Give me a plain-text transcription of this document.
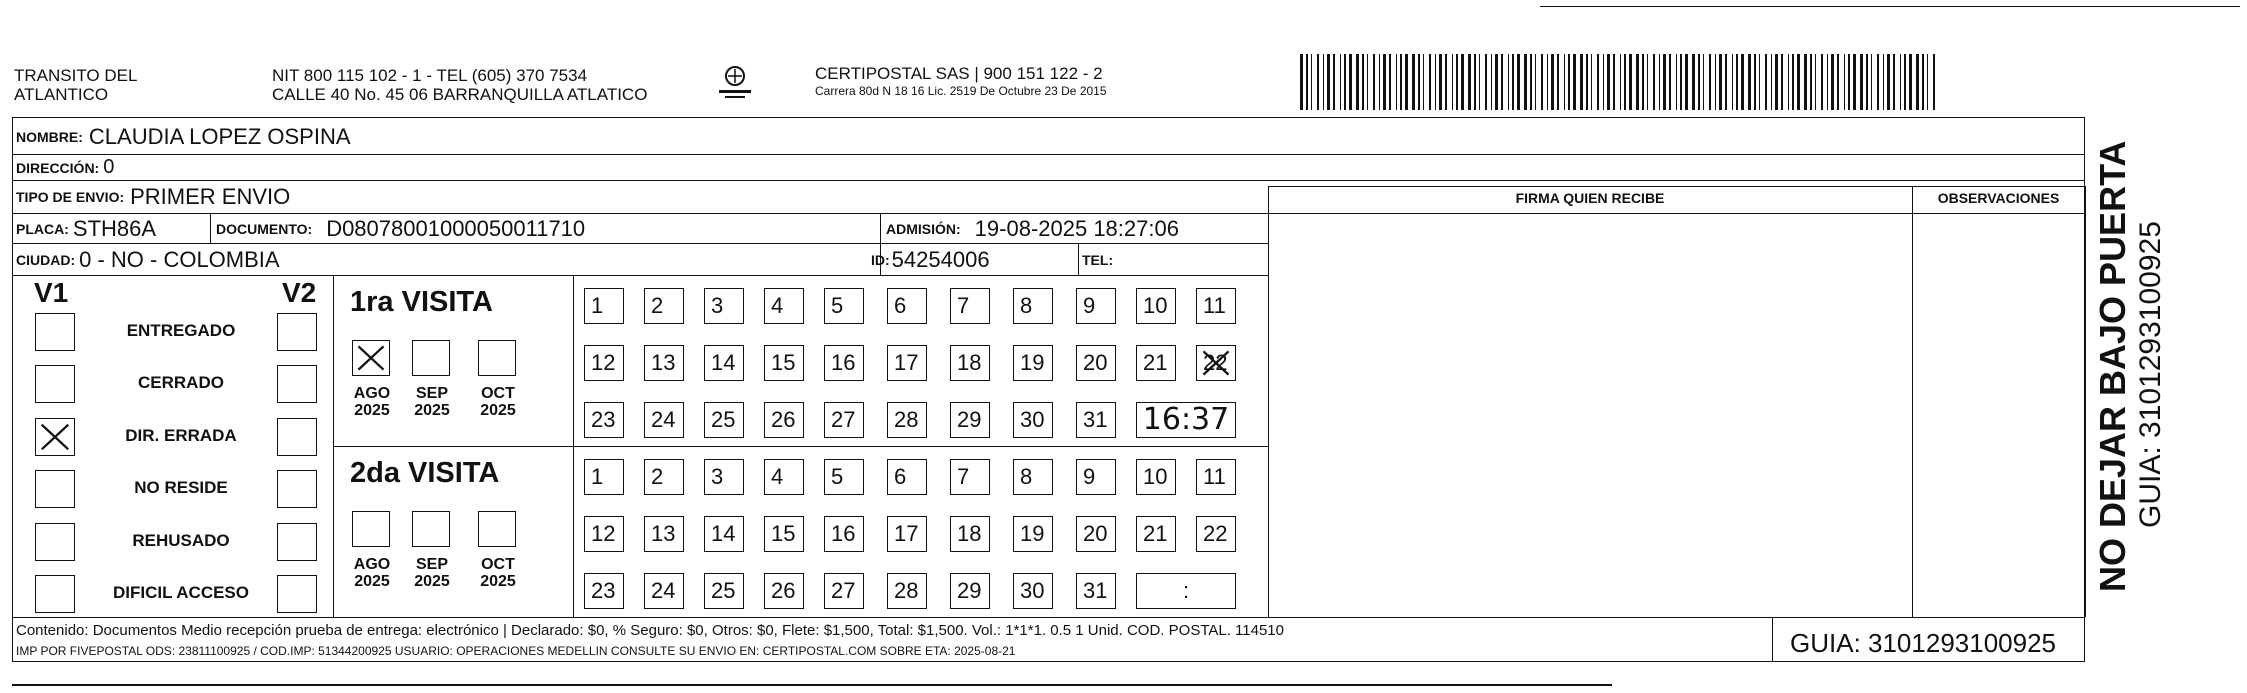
TRANSITO DEL
ATLANTICO
NIT 800 115 102 - 1 - TEL (605) 370 7534
CALLE 40 No. 45 06 BARRANQUILLA ATLATICO
CERTIPOSTAL SAS | 900 151 122 - 2
Carrera 80d N 18 16 Lic. 2519 De Octubre 23 De 2015
NOMBRE: CLAUDIA LOPEZ OSPINA
DIRECCIÓN: 0
TIPO DE ENVIO: PRIMER ENVIO	FIRMA QUIEN RECIBE	OBSERVACIONES
PLACA: STH86A	DOCUMENTO: D08078001000050011710	ADMISIÓN: 19-08-2025 18:27:06
CIUDAD: 0 - NO - COLOMBIA	ID: 54254006	TEL:
V1	V2
ENTREGADO
CERRADO
DIR. ERRADA
NO RESIDE
REHUSADO
DIFICIL ACCESO
1ra VISITA
AGO
2025
SEP
2025
OCT
2025
1	2	3	4	5	6	7	8	9	10	11
12	13	14	15	16	17	18	19	20	21	22
23	24	25	26	27	28	29	30	31 16:37
2da VISITA
AGO
2025
SEP
2025
OCT
2025
1	2	3	4	5	6	7	8	9	10	11
12	13	14	15	16	17	18	19	20	21	22
23	24	25	26	27	28	29	30	31	:
Contenido: Documentos Medio recepción prueba de entrega: electrónico | Declarado: $0, % Seguro: $0, Otros: $0, Flete: $1,500, Total: $1,500. Vol.: 1*1*1. 0.5 1 Unid. COD. POSTAL. 114510
IMP POR FIVEPOSTAL ODS: 23811100925 / COD.IMP: 51344200925 USUARIO: OPERACIONES MEDELLIN CONSULTE SU ENVIO EN: CERTIPOSTAL.COM SOBRE ETA: 2025-08-21	GUIA: 3101293100925
NO DEJAR BAJO PUERTA GUIA: 3101293100925
